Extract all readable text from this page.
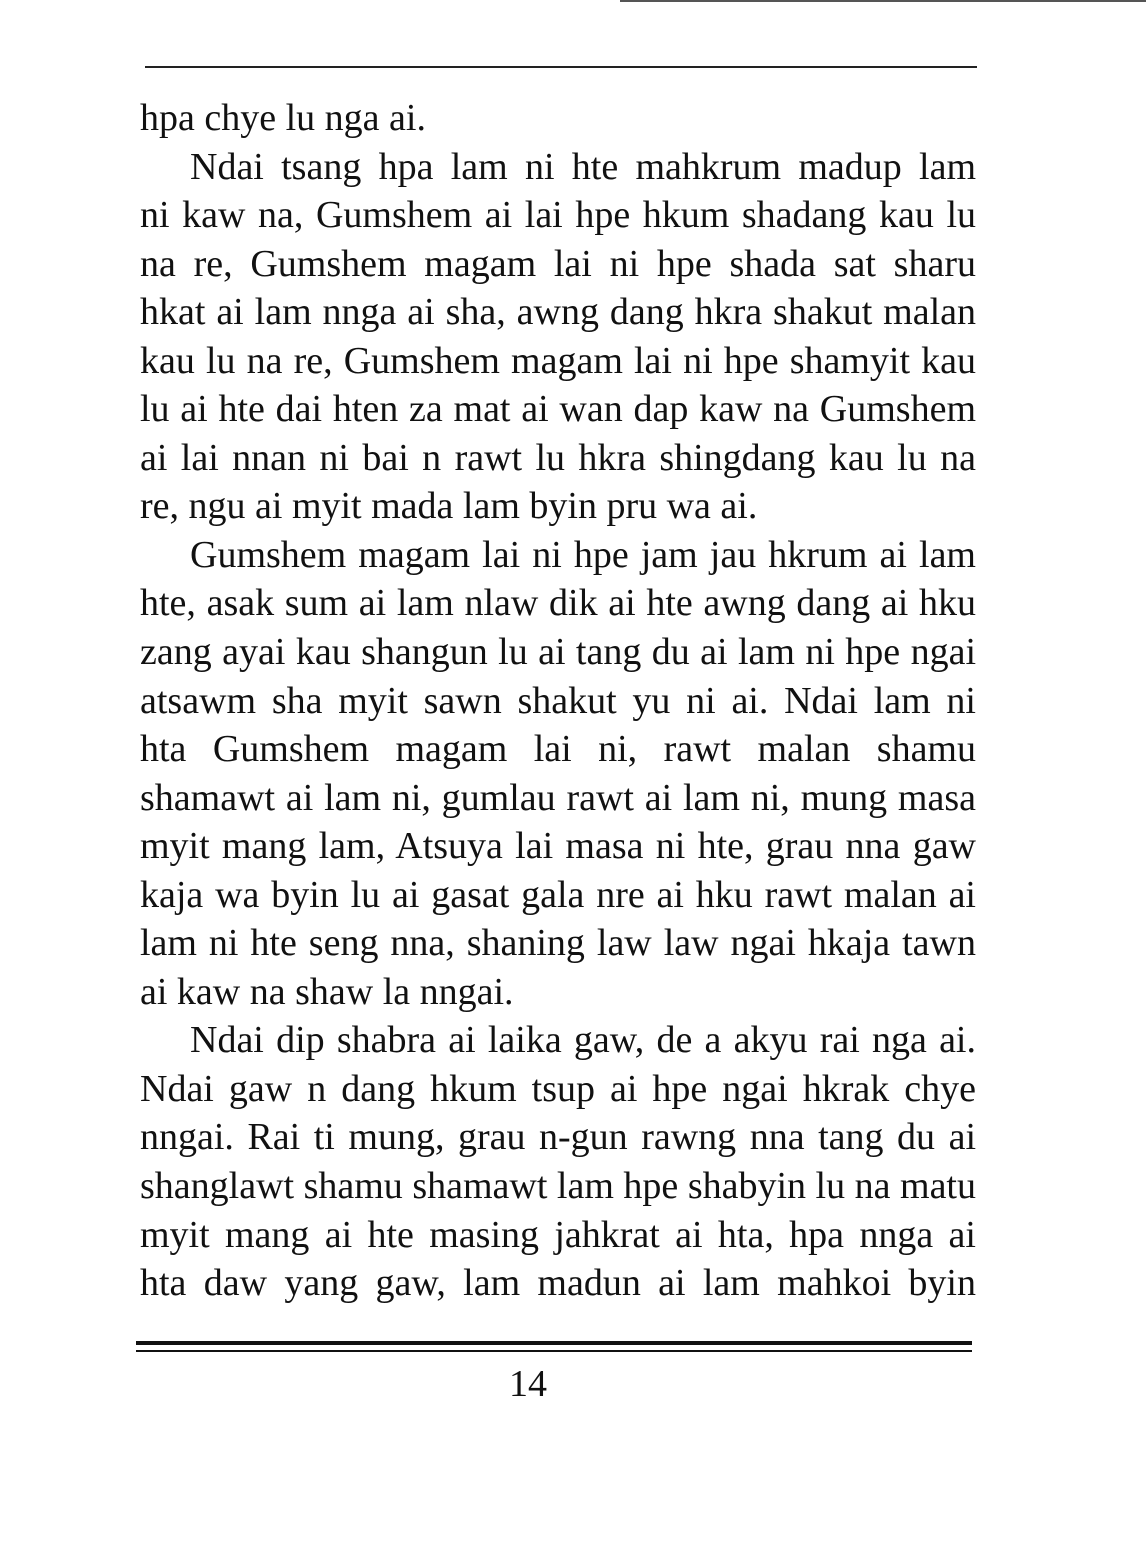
hpa chye lu nga ai.
Ndai tsang hpa lam ni hte mahkrum madup lam
ni kaw na, Gumshem ai lai hpe hkum shadang kau lu
na re, Gumshem magam lai ni hpe shada sat sharu
hkat ai lam nnga ai sha, awng dang hkra shakut malan
kau lu na re, Gumshem magam lai ni hpe shamyit kau
lu ai hte dai hten za mat ai wan dap kaw na Gumshem
ai lai nnan ni bai n rawt lu hkra shingdang kau lu na
re, ngu ai myit mada lam byin pru wa ai.
Gumshem magam lai ni hpe jam jau hkrum ai lam
hte, asak sum ai lam nlaw dik ai hte awng dang ai hku
zang ayai kau shangun lu ai tang du ai lam ni hpe ngai
atsawm sha myit sawn shakut yu ni ai. Ndai lam ni
hta Gumshem magam lai ni, rawt malan shamu
shamawt ai lam ni, gumlau rawt ai lam ni, mung masa
myit mang lam, Atsuya lai masa ni hte, grau nna gaw
kaja wa byin lu ai gasat gala nre ai hku rawt malan ai
lam ni hte seng nna, shaning law law ngai hkaja tawn
ai kaw na shaw la nngai.
Ndai dip shabra ai laika gaw, de a akyu rai nga ai.
Ndai gaw n dang hkum tsup ai hpe ngai hkrak chye
nngai. Rai ti mung, grau n-gun rawng nna tang du ai
shanglawt shamu shamawt lam hpe shabyin lu na matu
myit mang ai hte masing jahkrat ai hta, hpa nnga ai
hta daw yang gaw, lam madun ai lam mahkoi byin
14
